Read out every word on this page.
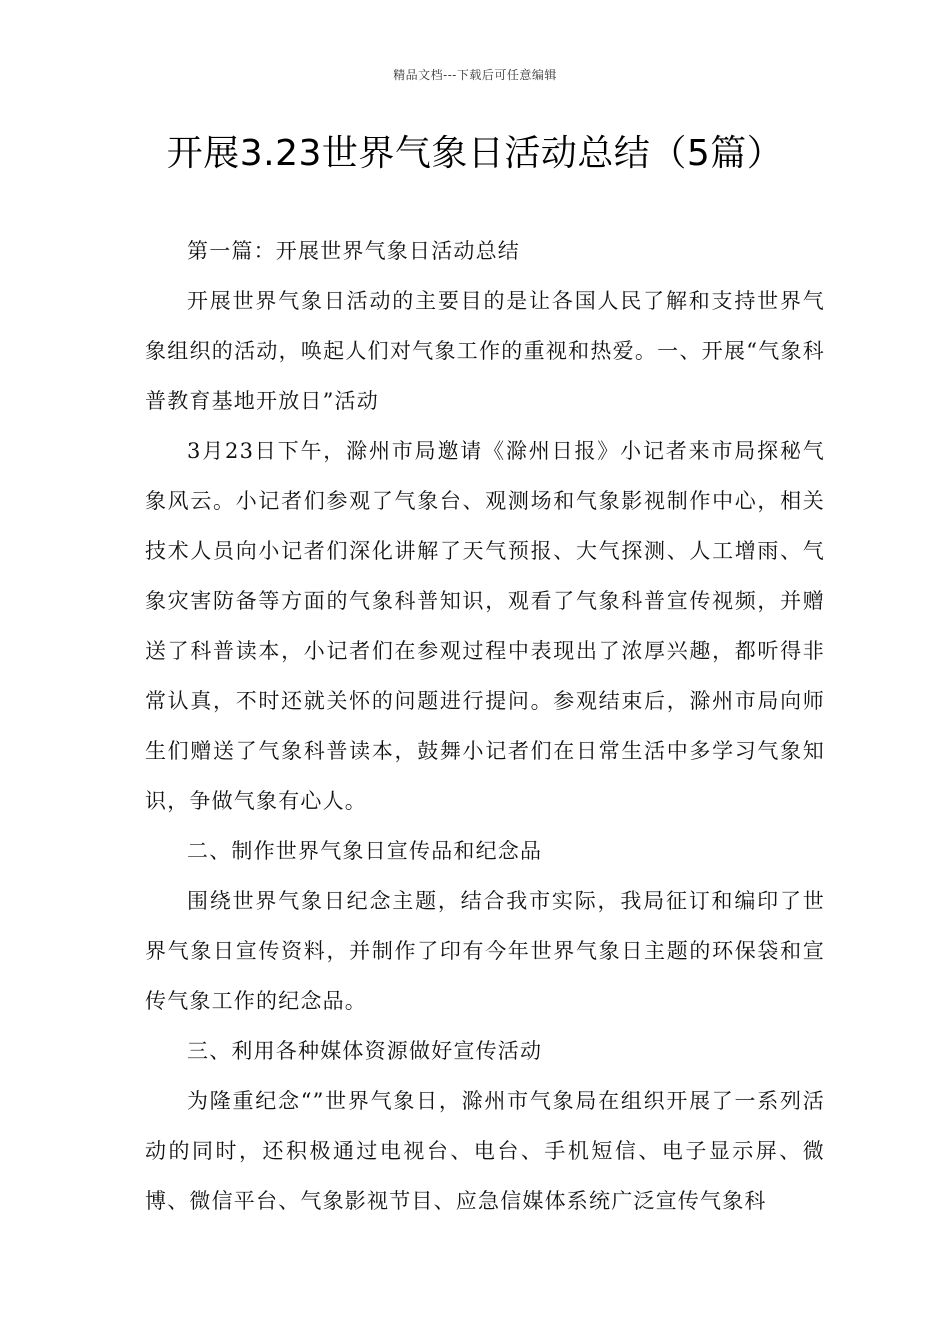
精品文档---下载后可任意编辑
开展3.23世界气象日活动总结（5篇）

第一篇：开展世界气象日活动总结

开展世界气象日活动的主要目的是让各国人民了解和支持世界气象组织的活动，唤起人们对气象工作的重视和热爱。一、开展“气象科普教育基地开放日”活动

3月23日下午，滁州市局邀请《滁州日报》小记者来市局探秘气象风云。小记者们参观了气象台、观测场和气象影视制作中心，相关技术人员向小记者们深化讲解了天气预报、大气探测、人工增雨、气象灾害防备等方面的气象科普知识，观看了气象科普宣传视频，并赠送了科普读本，小记者们在参观过程中表现出了浓厚兴趣，都听得非常认真，不时还就关怀的问题进行提问。参观结束后，滁州市局向师生们赠送了气象科普读本，鼓舞小记者们在日常生活中多学习气象知识，争做气象有心人。

二、制作世界气象日宣传品和纪念品

围绕世界气象日纪念主题，结合我市实际，我局征订和编印了世界气象日宣传资料，并制作了印有今年世界气象日主题的环保袋和宣传气象工作的纪念品。

三、利用各种媒体资源做好宣传活动

为隆重纪念“”世界气象日，滁州市气象局在组织开展了一系列活动的同时，还积极通过电视台、电台、手机短信、电子显示屏、微博、微信平台、气象影视节目、应急信媒体系统广泛宣传气象科
